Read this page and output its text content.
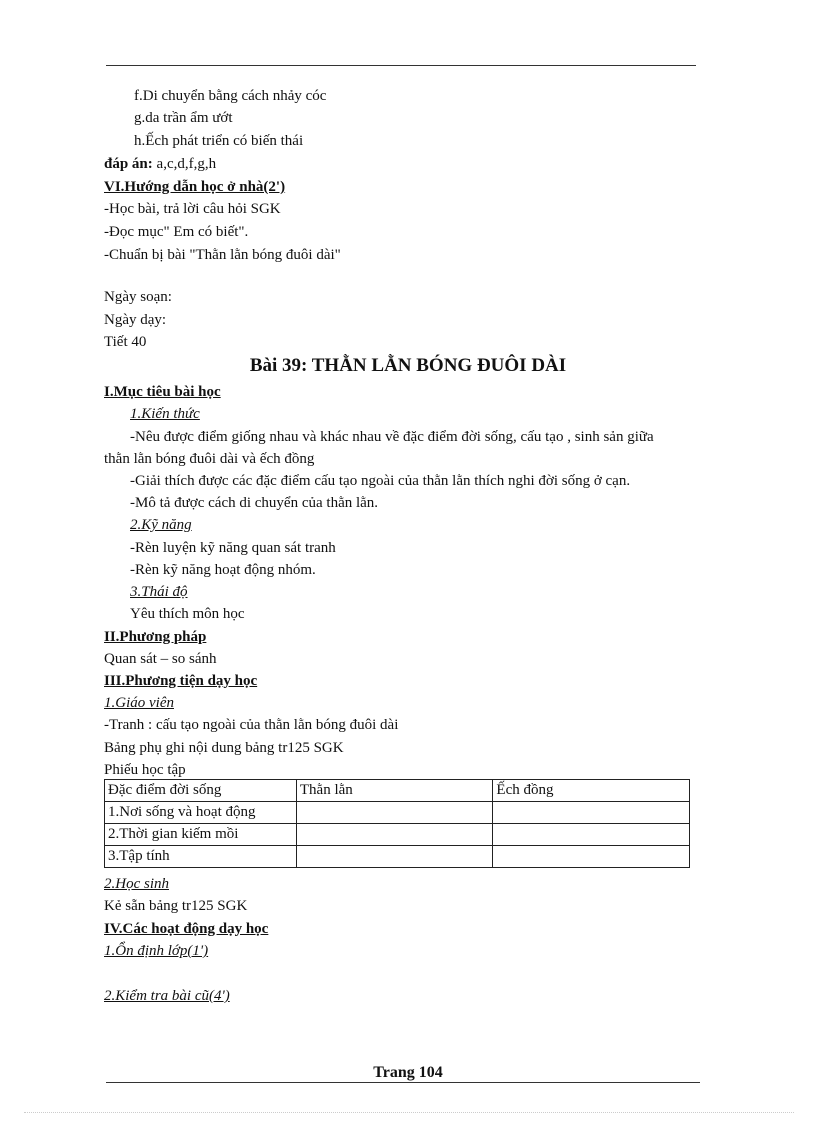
f.Di chuyển bằng cách nhảy cóc
g.da trần ẩm ướt
h.Ếch phát triển có biến thái
đáp án: a,c,d,f,g,h
VI.Hướng dẫn học ở nhà(2')
-Học bài, trả lời câu hỏi SGK
-Đọc mục" Em có biết".
-Chuẩn bị bài "Thằn lằn bóng đuôi dài"
Ngày soạn:
Ngày dạy:
Tiết 40
Bài 39: THẰN LẰN BÓNG ĐUÔI DÀI
I.Mục tiêu bài học
1.Kiến thức
-Nêu được điểm giống nhau và khác nhau về đặc điểm đời sống, cấu tạo , sinh sản giữa
thằn lằn bóng đuôi dài và ếch đồng
-Giải thích được các đặc điểm cấu tạo ngoài của thằn lằn thích nghi đời sống ở cạn.
-Mô tả được cách di chuyển của thằn lằn.
2.Kỹ năng
-Rèn luyện kỹ năng quan sát tranh
-Rèn kỹ năng hoạt động nhóm.
3.Thái độ
Yêu thích môn học
II.Phương pháp
Quan sát – so sánh
III.Phương tiện dạy học
1.Giáo viên
-Tranh : cấu tạo ngoài của thằn lằn bóng đuôi dài
Bảng phụ ghi nội dung bảng tr125 SGK
Phiếu học tập
Đặc điểm đời sống	Thằn lằn	Ếch đồng
1.Nơi sống và hoạt động		
2.Thời gian kiếm mồi		
3.Tập tính		
2.Học sinh
Kẻ sẵn bảng tr125 SGK
IV.Các hoạt động dạy học
1.Ổn định lớp(1')
2.Kiểm tra bài cũ(4')
Trang 104
